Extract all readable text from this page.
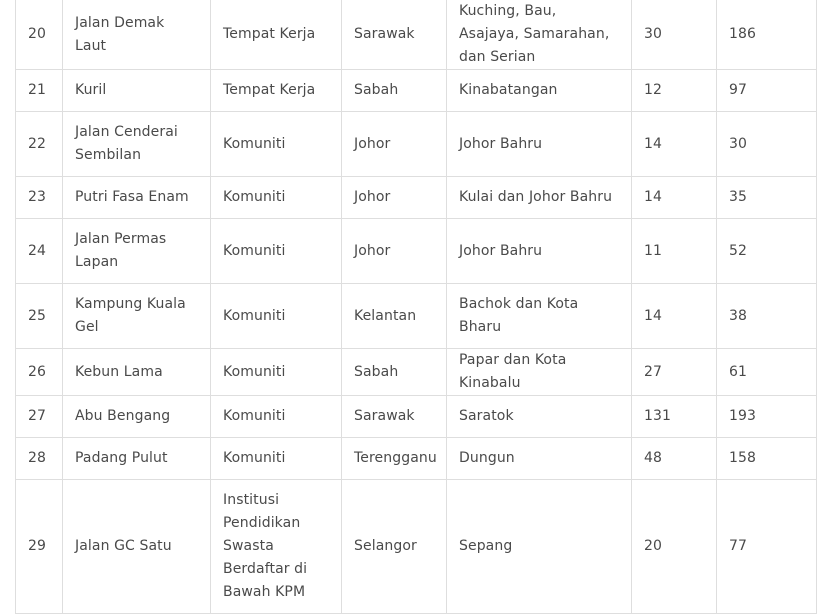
20	Jalan Demak Laut	Tempat Kerja	Sarawak	Kuching, Bau, Asajaya, Samarahan, dan Serian	30	186
21	Kuril	Tempat Kerja	Sabah	Kinabatangan	12	97
22	Jalan Cenderai Sembilan	Komuniti	Johor	Johor Bahru	14	30
23	Putri Fasa Enam	Komuniti	Johor	Kulai dan Johor Bahru	14	35
24	Jalan Permas Lapan	Komuniti	Johor	Johor Bahru	11	52
25	Kampung Kuala Gel	Komuniti	Kelantan	Bachok dan Kota Bharu	14	38
26	Kebun Lama	Komuniti	Sabah	Papar dan Kota Kinabalu	27	61
27	Abu Bengang	Komuniti	Sarawak	Saratok	131	193
28	Padang Pulut	Komuniti	Terengganu	Dungun	48	158
29	Jalan GC Satu	Institusi Pendidikan Swasta Berdaftar di Bawah KPM	Selangor	Sepang	20	77
